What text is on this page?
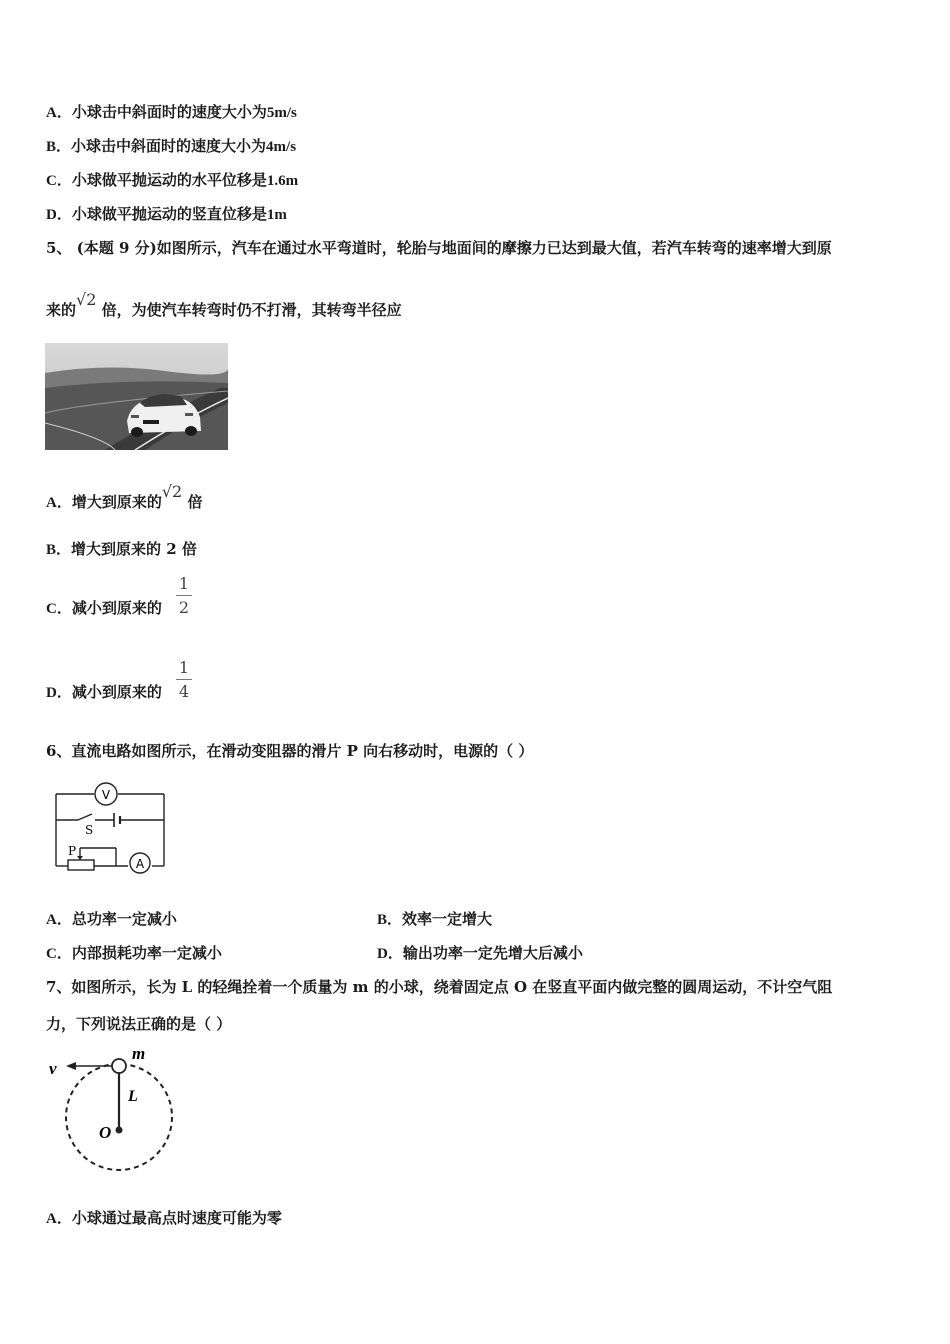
A．小球击中斜面时的速度大小为5m/s
B．小球击中斜面时的速度大小为4m/s
C．小球做平抛运动的水平位移是1.6m
D．小球做平抛运动的竖直位移是1m
5、 (本题 9 分)如图所示，汽车在通过水平弯道时，轮胎与地面间的摩擦力已达到最大值，若汽车转弯的速率增大到原
来的√2 倍，为使汽车转弯时仍不打滑，其转弯半径应
A．增大到原来的√2 倍
B．增大到原来的 2 倍
C．减小到原来的
1
2
D．减小到原来的
1
4
6、直流电路如图所示，在滑动变阻器的滑片 P 向右移动时，电源的（ ）
V
A
S
P
A．总功率一定减小	B．效率一定增大
C．内部损耗功率一定减小	D．输出功率一定先增大后减小
7、如图所示，长为 L 的轻绳拴着一个质量为 m 的小球，绕着固定点 O 在竖直平面内做完整的圆周运动，不计空气阻
力，下列说法正确的是（ ）
v
m
L
O
A．小球通过最高点时速度可能为零
